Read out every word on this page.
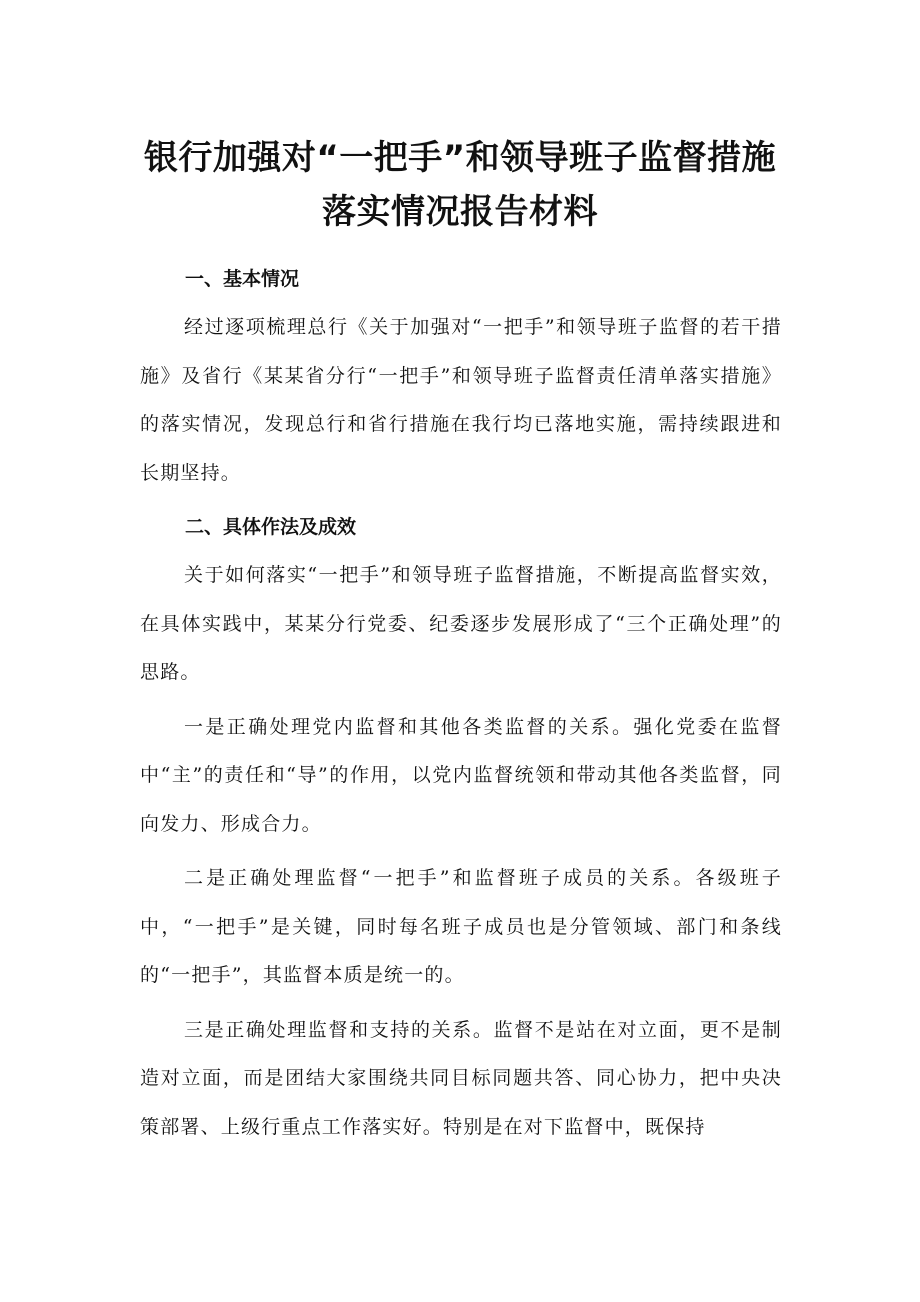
银行加强对“一把手”和领导班子监督措施
落实情况报告材料

一、基本情况

经过逐项梳理总行《关于加强对“一把手”和领导班子监督的若干措施》及省行《某某省分行“一把手”和领导班子监督责任清单落实措施》的落实情况，发现总行和省行措施在我行均已落地实施，需持续跟进和长期坚持。

二、具体作法及成效

关于如何落实“一把手”和领导班子监督措施，不断提高监督实效，在具体实践中，某某分行党委、纪委逐步发展形成了“三个正确处理”的思路。

一是正确处理党内监督和其他各类监督的关系。强化党委在监督中“主”的责任和“导”的作用，以党内监督统领和带动其他各类监督，同向发力、形成合力。

二是正确处理监督“一把手”和监督班子成员的关系。各级班子中，“一把手”是关键，同时每名班子成员也是分管领域、部门和条线的“一把手”，其监督本质是统一的。

三是正确处理监督和支持的关系。监督不是站在对立面，更不是制造对立面，而是团结大家围绕共同目标同题共答、同心协力，把中央决策部署、上级行重点工作落实好。特别是在对下监督中，既保持
